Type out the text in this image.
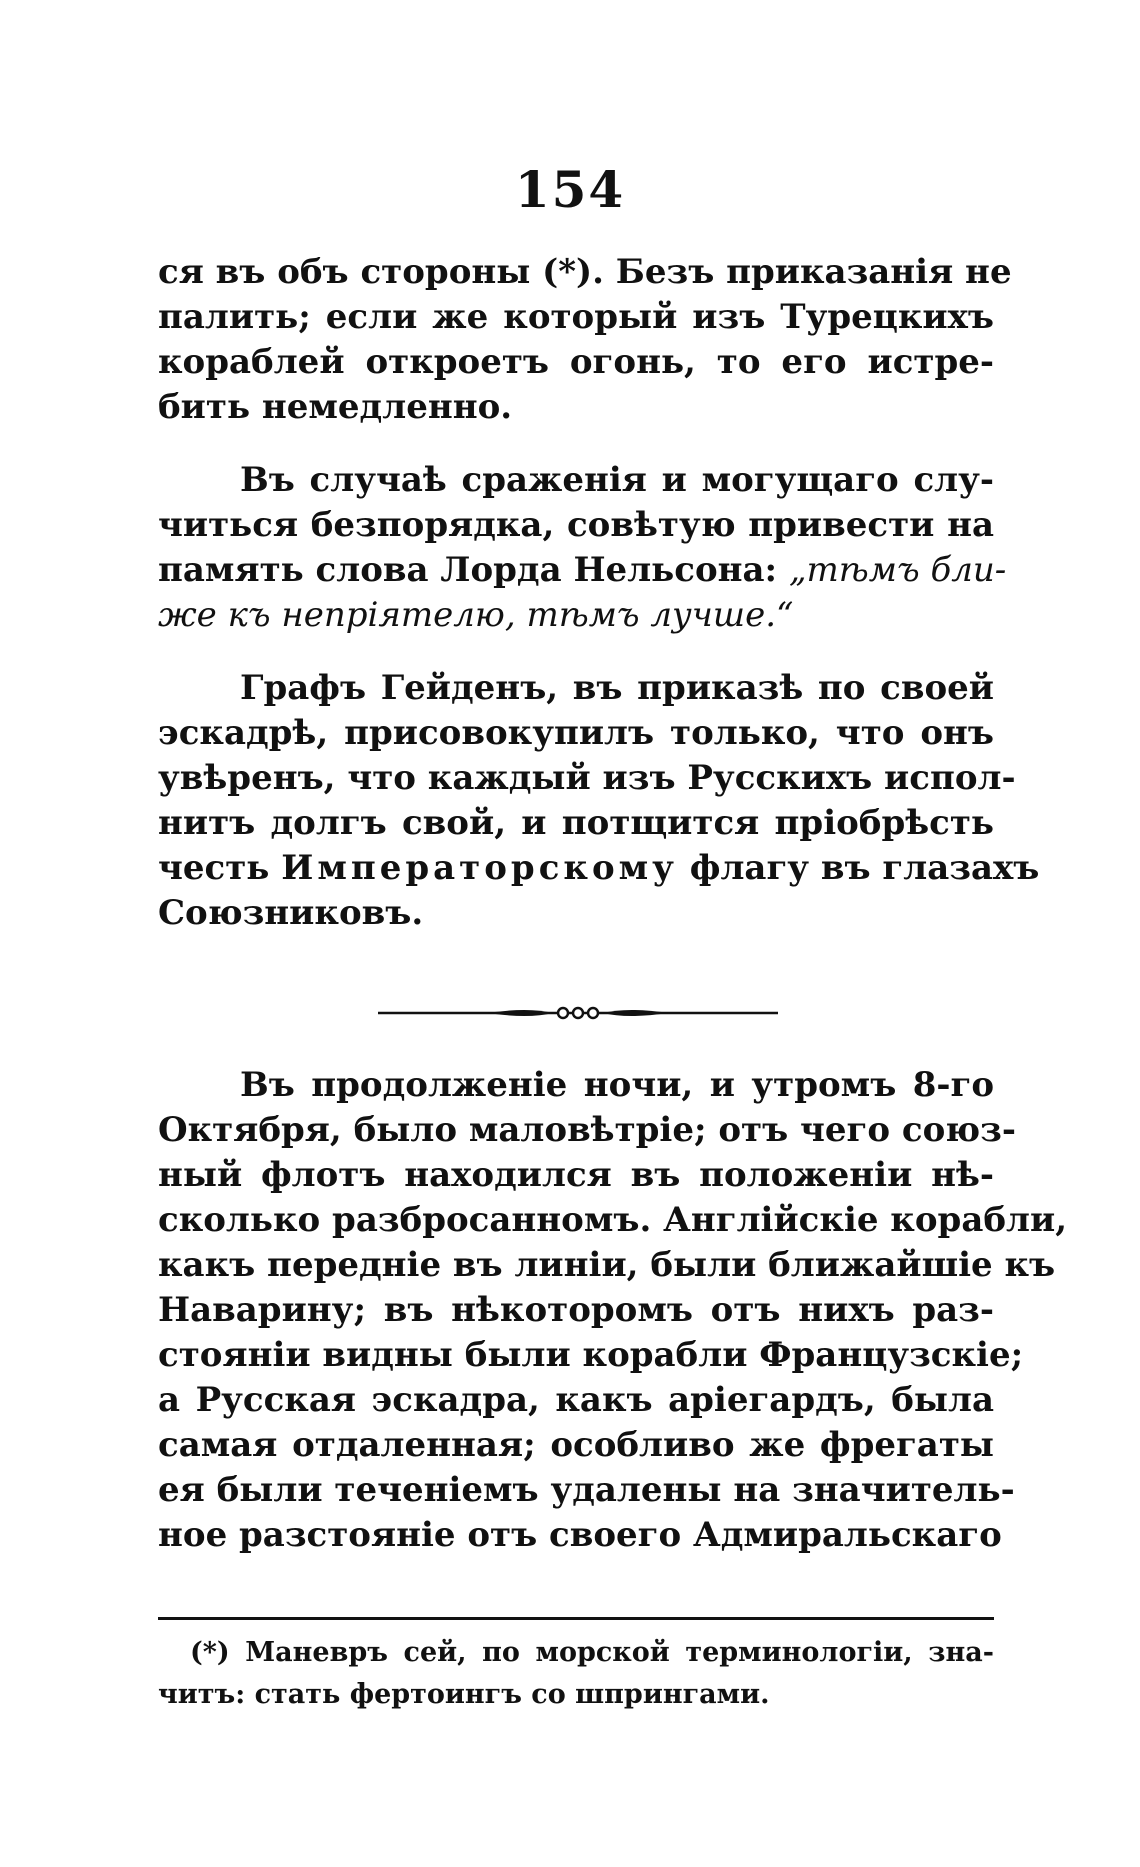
154
ся въ объ стороны (*). Безъ приказанія не
палить; если же который изъ Турецкихъ
кораблей откроетъ огонь, то его истре-
бить немедленно.
Въ случаѣ сраженія и могущаго слу-
читься безпорядка, совѣтую привести на
память слова Лорда Нельсона: „тѣмъ бли-
же къ непріятелю, тѣмъ лучше.“
Графъ Гейденъ, въ приказѣ по своей
эскадрѣ, присовокупилъ только, что онъ
увѣренъ, что каждый изъ Русскихъ испол-
нитъ долгъ свой, и потщится пріобрѣсть
честь Императорскому флагу въ глазахъ
Союзниковъ.
Въ продолженіе ночи, и утромъ 8-го
Октября, было маловѣтріе; отъ чего союз-
ный флотъ находился въ положеніи нѣ-
сколько разбросанномъ. Англійскіе корабли,
какъ передніе въ линіи, были ближайшіе къ
Наварину; въ нѣкоторомъ отъ нихъ раз-
стояніи видны были корабли Французскіе;
а Русская эскадра, какъ аріегардъ, была
самая отдаленная; особливо же фрегаты
ея были теченіемъ удалены на значитель-
ное разстояніе отъ своего Адмиральскаго
(*) Маневръ сей, по морской терминологіи, зна-
читъ: стать фертоингъ со шпрингами.
